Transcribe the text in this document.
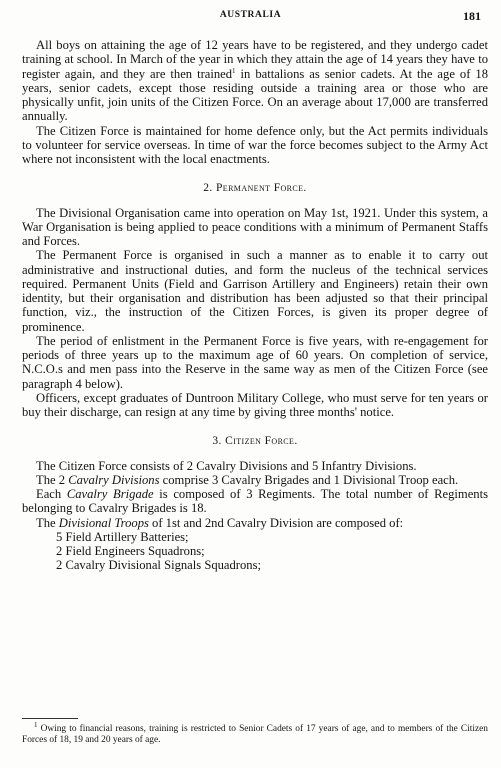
AUSTRALIA	181

All boys on attaining the age of 12 years have to be registered, and they undergo cadet training at school. In March of the year in which they attain the age of 14 years they have to register again, and they are then trained$^1$ in battalions as senior cadets. At the age of 18 years, senior cadets, except those residing outside a training area or those who are physically unfit, join units of the Citizen Force. On an average about 17,000 are transferred annually.

The Citizen Force is maintained for home defence only, but the Act permits individuals to volunteer for service overseas. In time of war the force becomes subject to the Army Act where not inconsistent with the local enactments.

2. Permanent Force.

The Divisional Organisation came into operation on May 1st, 1921. Under this system, a War Organisation is being applied to peace conditions with a minimum of Permanent Staffs and Forces.

The Permanent Force is organised in such a manner as to enable it to carry out administrative and instructional duties, and form the nucleus of the technical services required. Permanent Units (Field and Garrison Artillery and Engineers) retain their own identity, but their organisation and distribution has been adjusted so that their principal function, viz., the instruction of the Citizen Forces, is given its proper degree of prominence.

The period of enlistment in the Permanent Force is five years, with re-engagement for periods of three years up to the maximum age of 60 years. On completion of service, N.C.O.s and men pass into the Reserve in the same way as men of the Citizen Force (see paragraph 4 below).

Officers, except graduates of Duntroon Military College, who must serve for ten years or buy their discharge, can resign at any time by giving three months' notice.

3. Citizen Force.

The Citizen Force consists of 2 Cavalry Divisions and 5 Infantry Divisions.

The 2 Cavalry Divisions comprise 3 Cavalry Brigades and 1 Divisional Troop each.

Each Cavalry Brigade is composed of 3 Regiments. The total number of Regiments belonging to Cavalry Brigades is 18.

The Divisional Troops of 1st and 2nd Cavalry Division are composed of:

5 Field Artillery Batteries;
2 Field Engineers Squadrons;
2 Cavalry Divisional Signals Squadrons;
$^1$ Owing to financial reasons, training is restricted to Senior Cadets of 17 years of age, and to members of the Citizen Forces of 18, 19 and 20 years of age.
